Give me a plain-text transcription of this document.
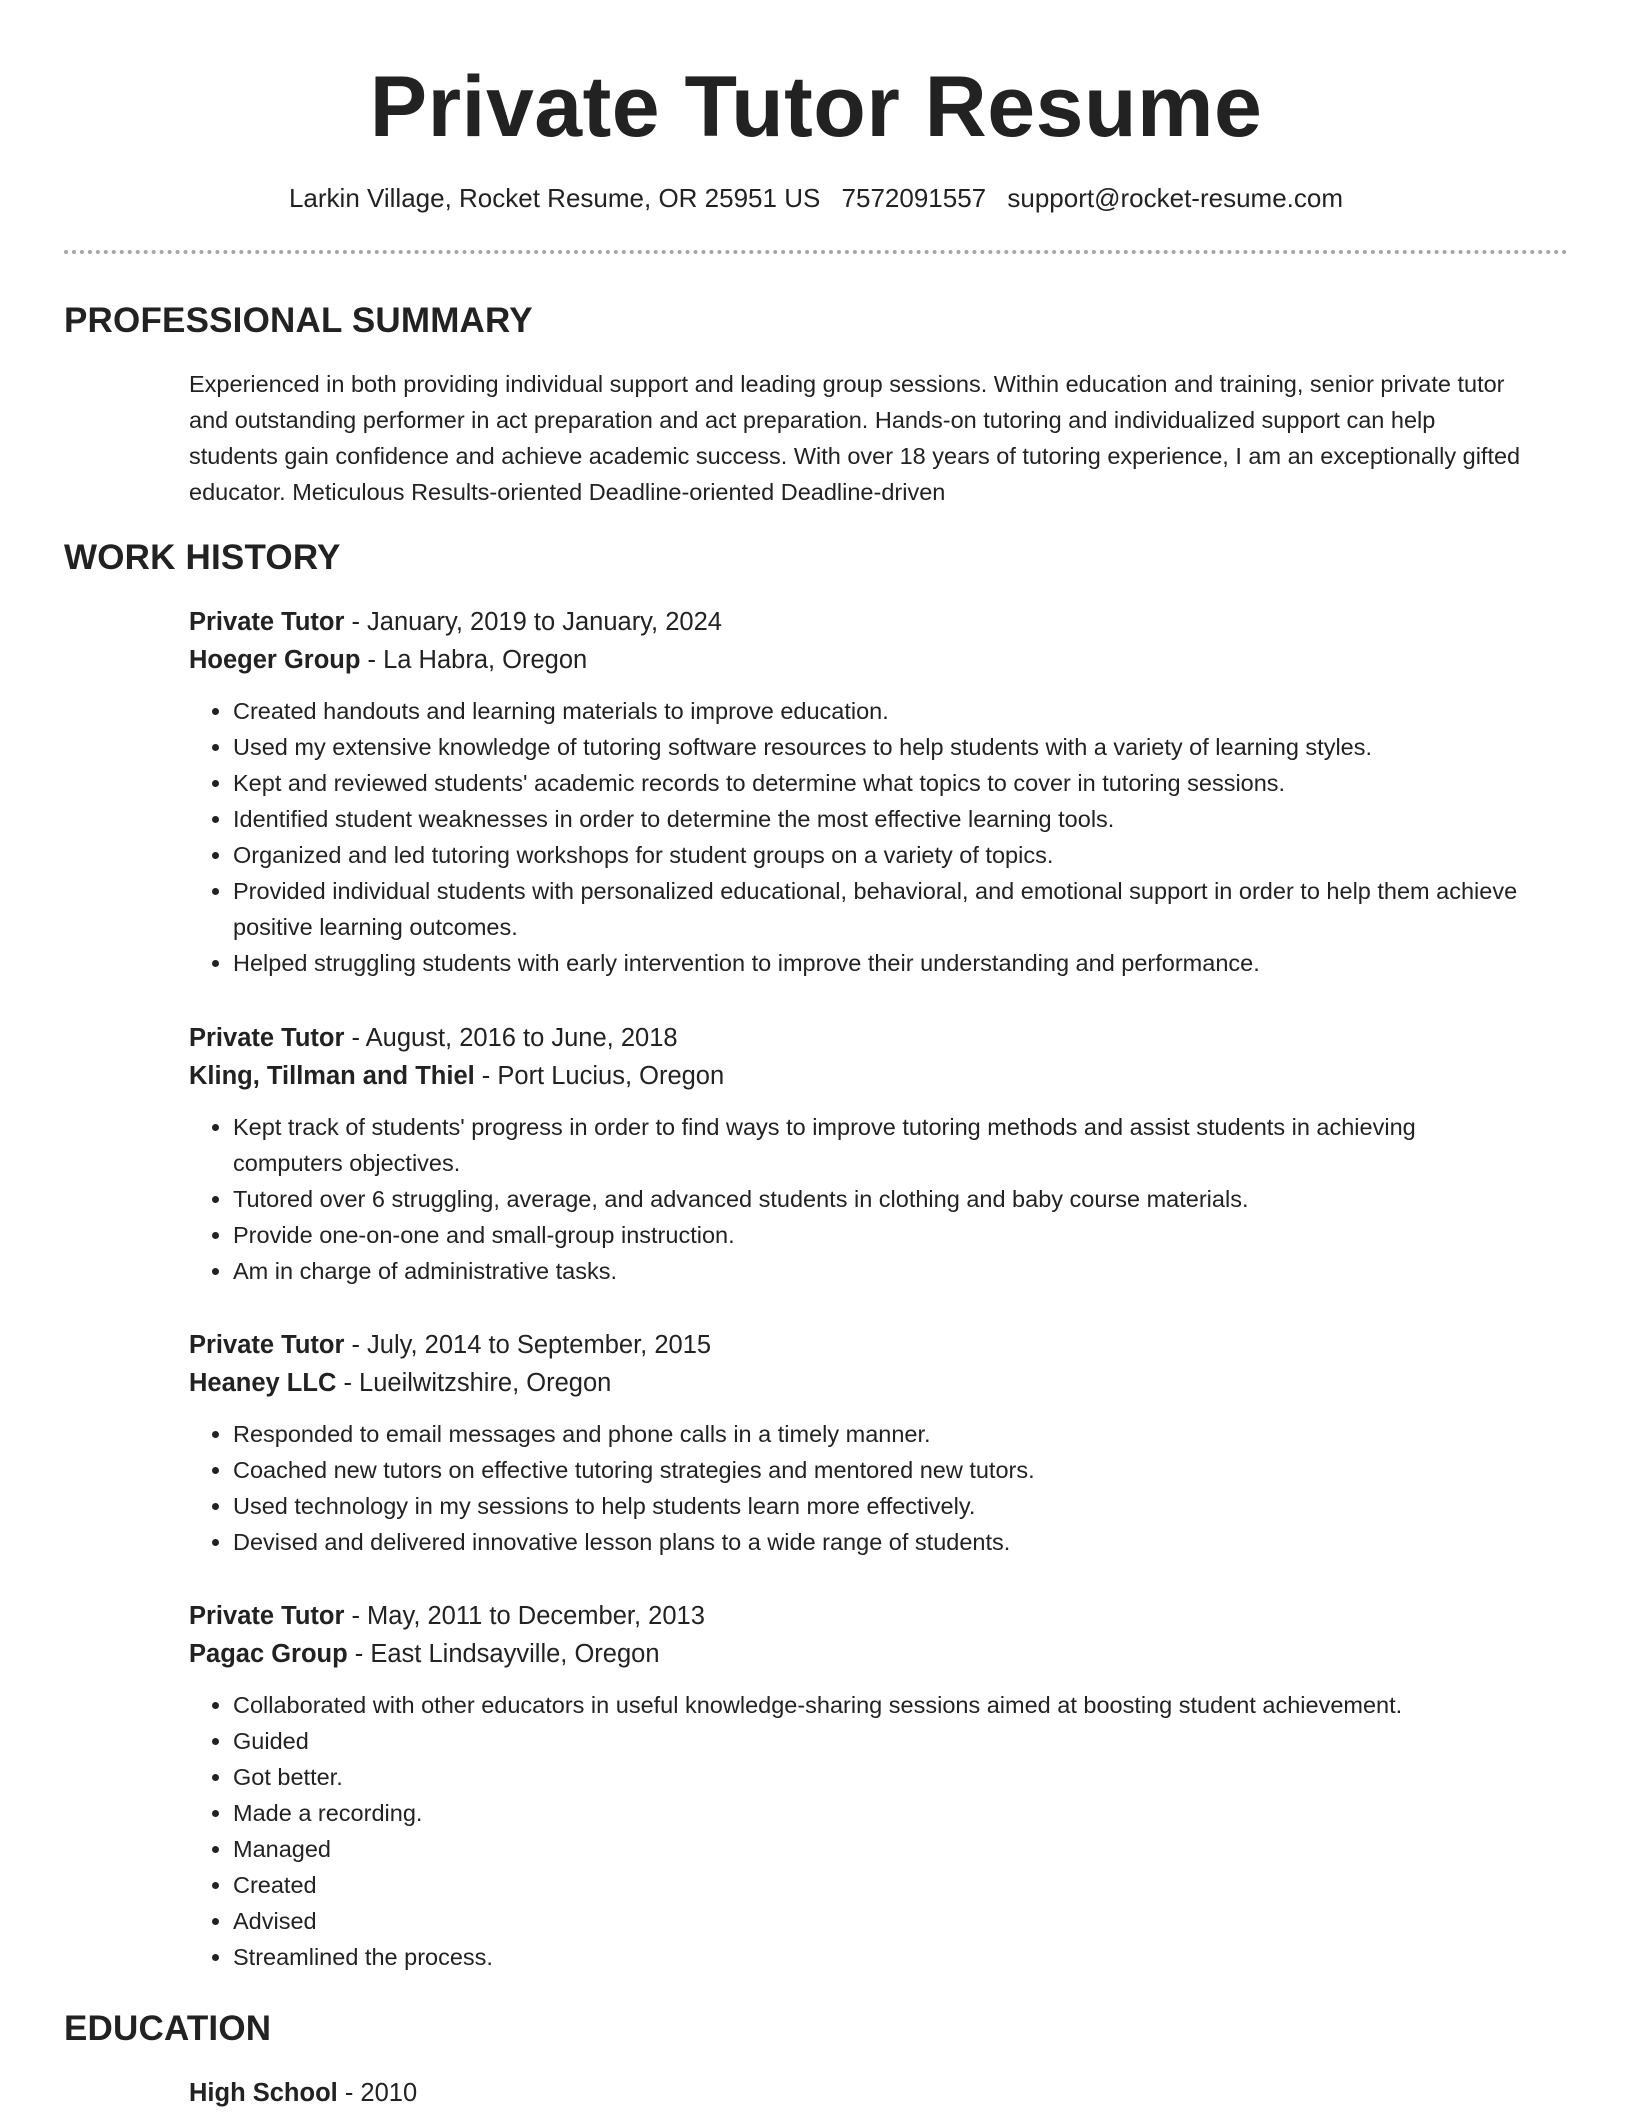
Private Tutor Resume
Larkin Village, Rocket Resume, OR 25951 US 7572091557 support@rocket-resume.com
PROFESSIONAL SUMMARY
Experienced in both providing individual support and leading group sessions. Within education and training, senior private tutor and outstanding performer in act preparation and act preparation. Hands-on tutoring and individualized support can help students gain confidence and achieve academic success. With over 18 years of tutoring experience, I am an exceptionally gifted educator. Meticulous Results-oriented Deadline-oriented Deadline-driven
WORK HISTORY
Private Tutor - January, 2019 to January, 2024
Hoeger Group - La Habra, Oregon
• Created handouts and learning materials to improve education.
• Used my extensive knowledge of tutoring software resources to help students with a variety of learning styles.
• Kept and reviewed students' academic records to determine what topics to cover in tutoring sessions.
• Identified student weaknesses in order to determine the most effective learning tools.
• Organized and led tutoring workshops for student groups on a variety of topics.
• Provided individual students with personalized educational, behavioral, and emotional support in order to help them achieve positive learning outcomes.
• Helped struggling students with early intervention to improve their understanding and performance.
Private Tutor - August, 2016 to June, 2018
Kling, Tillman and Thiel - Port Lucius, Oregon
• Kept track of students' progress in order to find ways to improve tutoring methods and assist students in achieving computers objectives.
• Tutored over 6 struggling, average, and advanced students in clothing and baby course materials.
• Provide one-on-one and small-group instruction.
• Am in charge of administrative tasks.
Private Tutor - July, 2014 to September, 2015
Heaney LLC - Lueilwitzshire, Oregon
• Responded to email messages and phone calls in a timely manner.
• Coached new tutors on effective tutoring strategies and mentored new tutors.
• Used technology in my sessions to help students learn more effectively.
• Devised and delivered innovative lesson plans to a wide range of students.
Private Tutor - May, 2011 to December, 2013
Pagac Group - East Lindsayville, Oregon
• Collaborated with other educators in useful knowledge-sharing sessions aimed at boosting student achievement.
• Guided
• Got better.
• Made a recording.
• Managed
• Created
• Advised
• Streamlined the process.
EDUCATION
High School - 2010
